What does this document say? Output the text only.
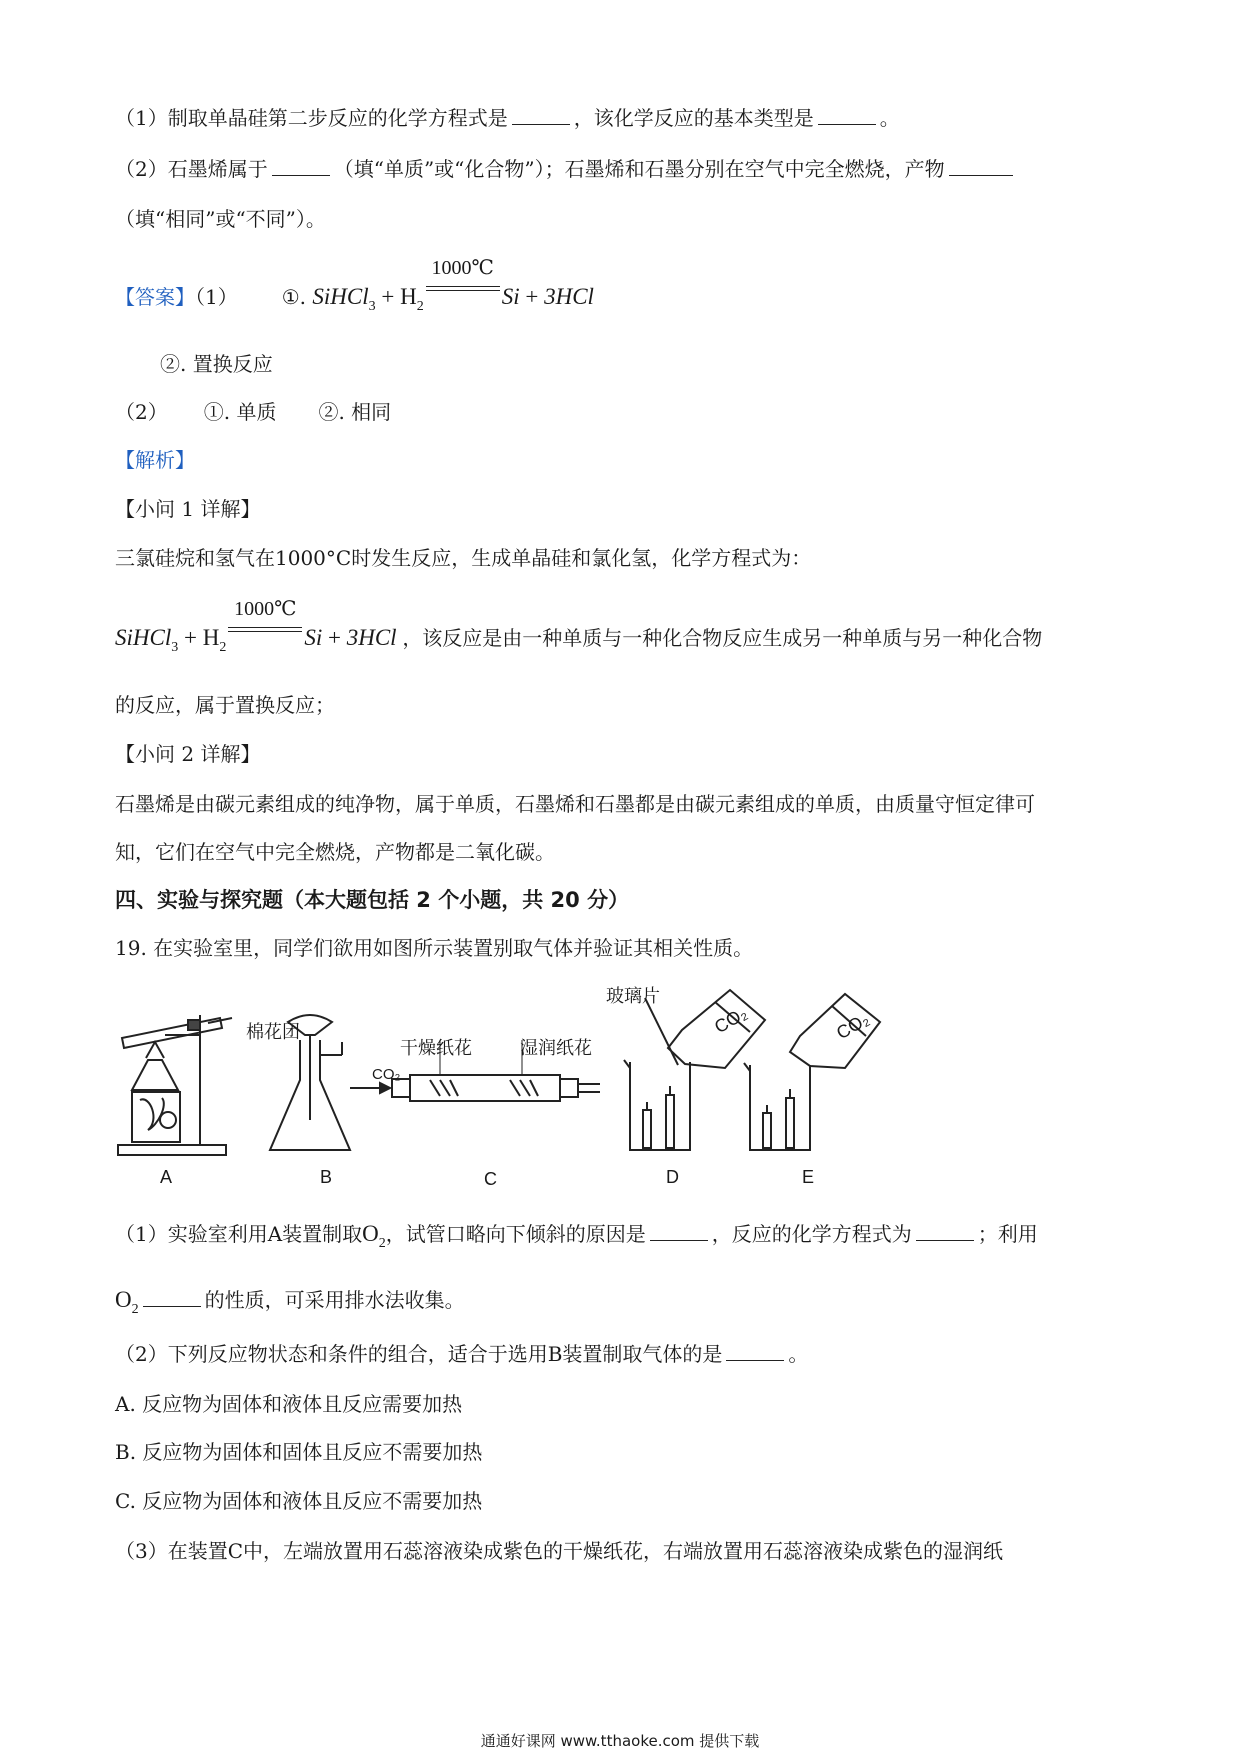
（1）制取单晶硅第二步反应的化学方程式是	，该化学反应的基本类型是	。
（2）石墨烯属于	（填“单质”或“化合物”）；石墨烯和石墨分别在空气中完全燃烧，产物
（填“相同”或“不同”）。
【答案】（1） ①. SiHCl$_3$ + $H_2$
1000℃
Si + 3HCl
②. 置换反应
（2） ①. 单质 ②. 相同
【解析】
【小问 1 详解】
三氯硅烷和氢气在1000°C时发生反应，生成单晶硅和氯化氢，化学方程式为：
SiHCl$_3$ + $H_2$
1000℃
Si + 3HCl ，该反应是由一种单质与一种化合物反应生成另一种单质与另一种化合物
的反应，属于置换反应；
【小问 2 详解】
石墨烯是由碳元素组成的纯净物，属于单质，石墨烯和石墨都是由碳元素组成的单质，由质量守恒定律可
知，它们在空气中完全燃烧，产物都是二氧化碳。
四、实验与探究题（本大题包括 2 个小题，共 20 分）
19. 在实验室里，同学们欲用如图所示装置别取气体并验证其相关性质。
棉花团
干燥纸花	湿润纸花
玻璃片
CO₂
CO₂	CO₂
A	B	C	D	E
（1）实验室利用A装置制取$O_2$，试管口略向下倾斜的原因是	，反应的化学方程式为	；利用
$O_2$	的性质，可采用排水法收集。
（2）下列反应物状态和条件的组合，适合于选用B装置制取气体的是	。
A. 反应物为固体和液体且反应需要加热
B. 反应物为固体和固体且反应不需要加热
C. 反应物为固体和液体且反应不需要加热
（3）在装置C中，左端放置用石蕊溶液染成紫色的干燥纸花，右端放置用石蕊溶液染成紫色的湿润纸
通通好课网 www.tthaoke.com 提供下载
